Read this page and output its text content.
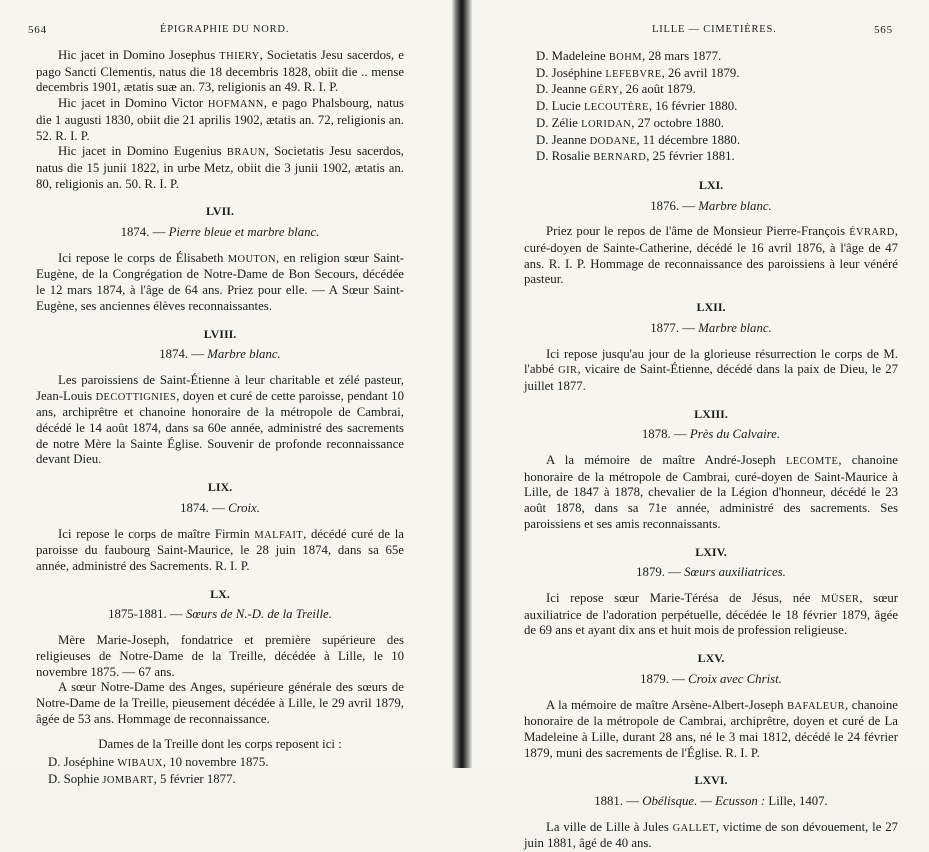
564	ÉPIGRAPHIE DU NORD.

Hic jacet in Domino Josephus THIERY, Societatis Jesu sacerdos, e pago Sancti Clementis, natus die 18 decembris 1828, obiit die .. mense decembris 1901, ætatis suæ an. 73, religionis an 49. R. I. P.

Hic jacet in Domino Victor HOFMANN, e pago Phalsbourg, natus die 1 augusti 1830, obiit die 21 aprilis 1902, ætatis an. 72, religionis an. 52. R. I. P.

Hic jacet in Domino Eugenius BRAUN, Societatis Jesu sacerdos, natus die 15 junii 1822, in urbe Metz, obiit die 3 junii 1902, ætatis an. 80, religionis an. 50. R. I. P.

LVII.
1874. — Pierre bleue et marbre blanc.

Ici repose le corps de Élisabeth MOUTON, en religion sœur Saint-Eugène, de la Congrégation de Notre-Dame de Bon Secours, décédée le 12 mars 1874, à l'âge de 64 ans. Priez pour elle. — A Sœur Saint-Eugène, ses anciennes élèves reconnaissantes.

LVIII.
1874. — Marbre blanc.

Les paroissiens de Saint-Étienne à leur charitable et zélé pasteur, Jean-Louis DECOTTIGNIES, doyen et curé de cette paroisse, pendant 10 ans, archiprêtre et chanoine honoraire de la métropole de Cambrai, décédé le 14 août 1874, dans sa 60e année, administré des sacrements de notre Mère la Sainte Église. Souvenir de profonde reconnaissance devant Dieu.

LIX.
1874. — Croix.

Ici repose le corps de maître Firmin MALFAIT, décédé curé de la paroisse du faubourg Saint-Maurice, le 28 juin 1874, dans sa 65e année, administré des Sacrements. R. I. P.

LX.
1875-1881. — Sœurs de N.-D. de la Treille.

Mère Marie-Joseph, fondatrice et première supérieure des religieuses de Notre-Dame de la Treille, décédée à Lille, le 10 novembre 1875. — 67 ans.

A sœur Notre-Dame des Anges, supérieure générale des sœurs de Notre-Dame de la Treille, pieusement décédée à Lille, le 29 avril 1879, âgée de 53 ans. Hommage de reconnaissance.

Dames de la Treille dont les corps reposent ici :
D. Joséphine WIBAUX, 10 novembre 1875.
D. Sophie JOMBART, 5 février 1877.
LILLE — CIMETIÈRES.	565
D. Madeleine BOHM, 28 mars 1877.
D. Joséphine LEFEBVRE, 26 avril 1879.
D. Jeanne GÉRY, 26 août 1879.
D. Lucie LECOUTÈRE, 16 février 1880.
D. Zélie LORIDAN, 27 octobre 1880.
D. Jeanne DODANE, 11 décembre 1880.
D. Rosalie BERNARD, 25 février 1881.
LXI.
1876. — Marbre blanc.

Priez pour le repos de l'âme de Monsieur Pierre-François ÉVRARD, curé-doyen de Sainte-Catherine, décédé le 16 avril 1876, à l'âge de 47 ans. R. I. P. Hommage de reconnaissance des paroissiens à leur vénéré pasteur.

LXII.
1877. — Marbre blanc.

Ici repose jusqu'au jour de la glorieuse résurrection le corps de M. l'abbé GIR, vicaire de Saint-Étienne, décédé dans la paix de Dieu, le 27 juillet 1877.

LXIII.
1878. — Près du Calvaire.

A la mémoire de maître André-Joseph LECOMTE, chanoine honoraire de la métropole de Cambrai, curé-doyen de Saint-Maurice à Lille, de 1847 à 1878, chevalier de la Légion d'honneur, décédé le 23 août 1878, dans sa 71e année, administré des sacrements. Ses paroissiens et ses amis reconnaissants.

LXIV.
1879. — Sœurs auxiliatrices.

Ici repose sœur Marie-Térésa de Jésus, née MÜSER, sœur auxiliatrice de l'adoration perpétuelle, décédée le 18 février 1879, âgée de 69 ans et ayant dix ans et huit mois de profession religieuse.

LXV.
1879. — Croix avec Christ.

A la mémoire de maître Arsène-Albert-Joseph BAFALEUR, chanoine honoraire de la métropole de Cambrai, archiprêtre, doyen et curé de La Madeleine à Lille, durant 28 ans, né le 3 mai 1812, décédé le 24 février 1879, muni des sacrements de l'Église. R. I. P.

LXVI.
1881. — Obélisque. — Ecusson : Lille, 1407.

La ville de Lille à Jules GALLET, victime de son dévouement, le 27 juin 1881, âgé de 40 ans.
